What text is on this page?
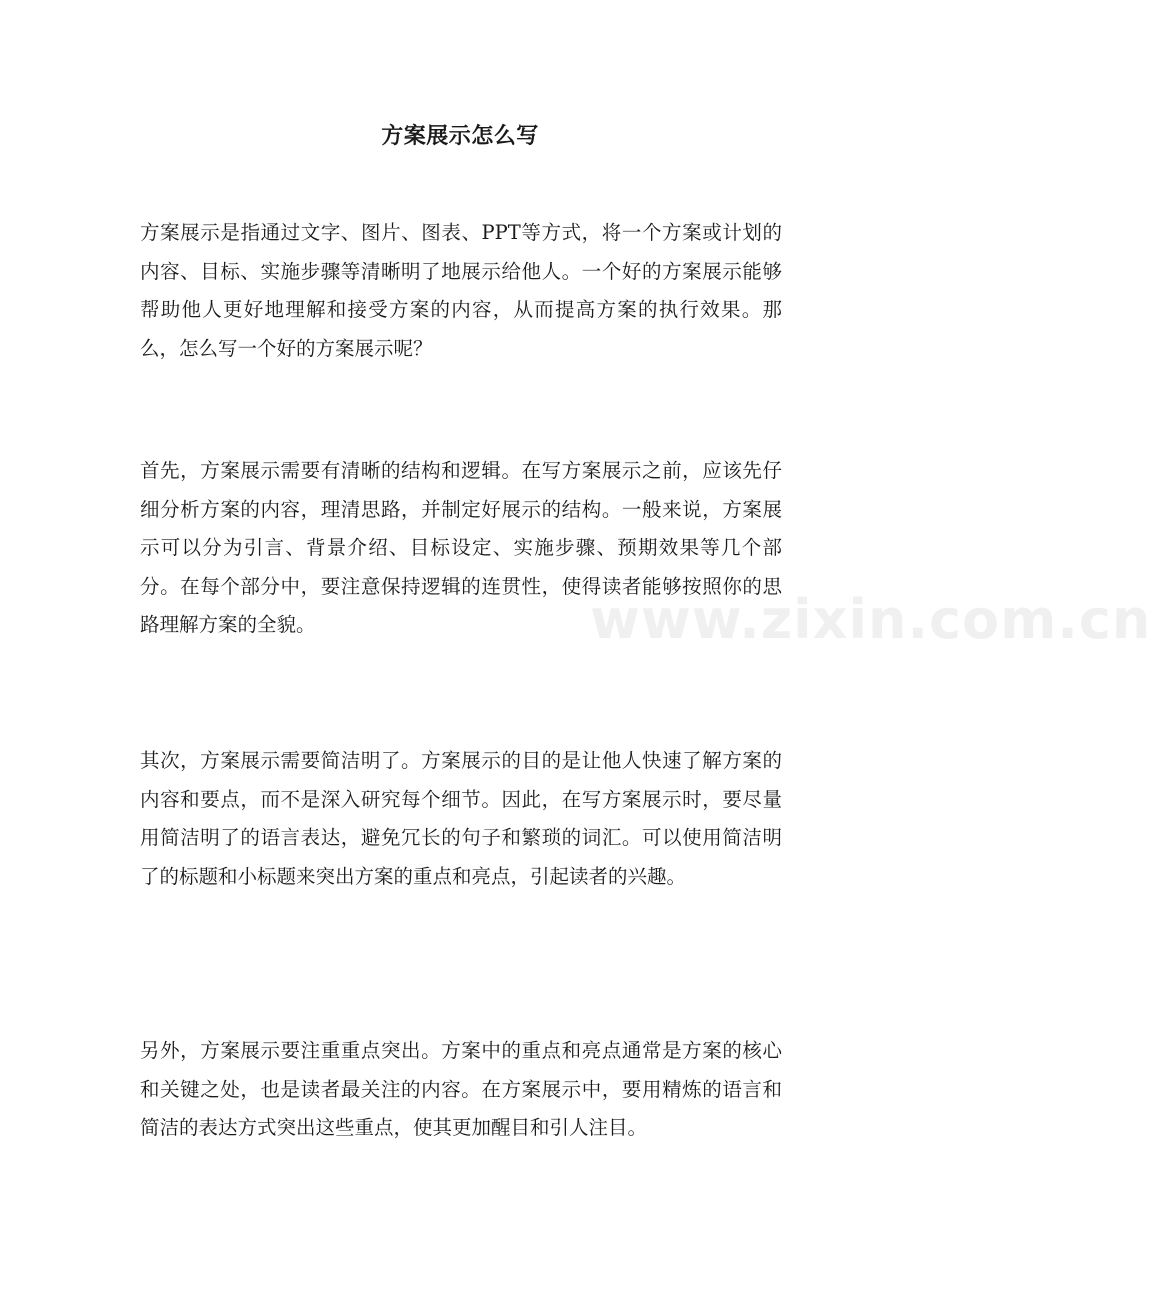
方案展示怎么写

方案展示是指通过文字、图片、图表、PPT等方式，将一个方案或计划的内容、目标、实施步骤等清晰明了地展示给他人。一个好的方案展示能够帮助他人更好地理解和接受方案的内容，从而提高方案的执行效果。那么，怎么写一个好的方案展示呢？

首先，方案展示需要有清晰的结构和逻辑。在写方案展示之前，应该先仔细分析方案的内容，理清思路，并制定好展示的结构。一般来说，方案展示可以分为引言、背景介绍、目标设定、实施步骤、预期效果等几个部分。在每个部分中，要注意保持逻辑的连贯性，使得读者能够按照你的思路理解方案的全貌。

其次，方案展示需要简洁明了。方案展示的目的是让他人快速了解方案的内容和要点，而不是深入研究每个细节。因此，在写方案展示时，要尽量用简洁明了的语言表达，避免冗长的句子和繁琐的词汇。可以使用简洁明了的标题和小标题来突出方案的重点和亮点，引起读者的兴趣。

另外，方案展示要注重重点突出。方案中的重点和亮点通常是方案的核心和关键之处，也是读者最关注的内容。在方案展示中，要用精炼的语言和简洁的表达方式突出这些重点，使其更加醒目和引人注目。

www.zixin.com.cn
